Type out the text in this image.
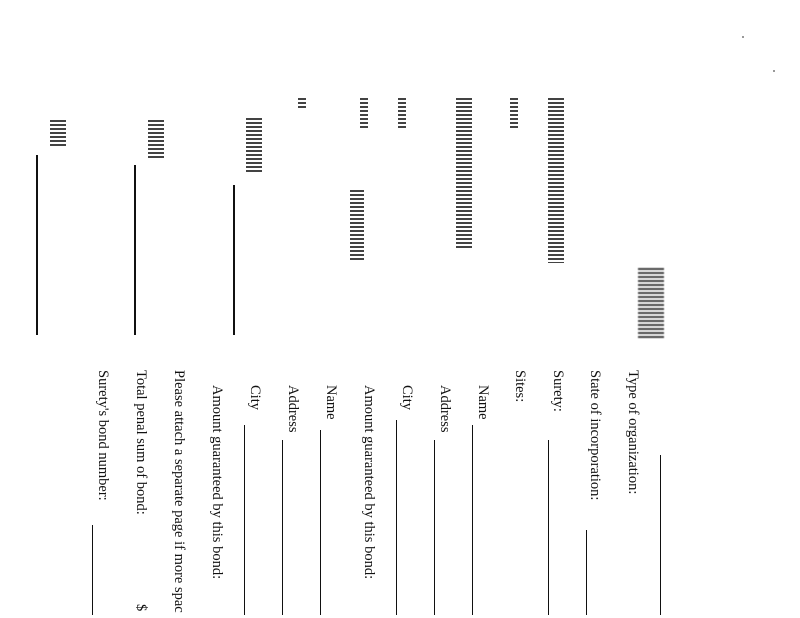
Type of organization:
State of incorporation:
Surety:
Sites:
Name
Address
City
Amount guaranteed by this bond:
Name
Address
City
Amount guaranteed by this bond:
Please attach a separate page if more spac
Total penal sum of bond:
$
Surety's bond number:
